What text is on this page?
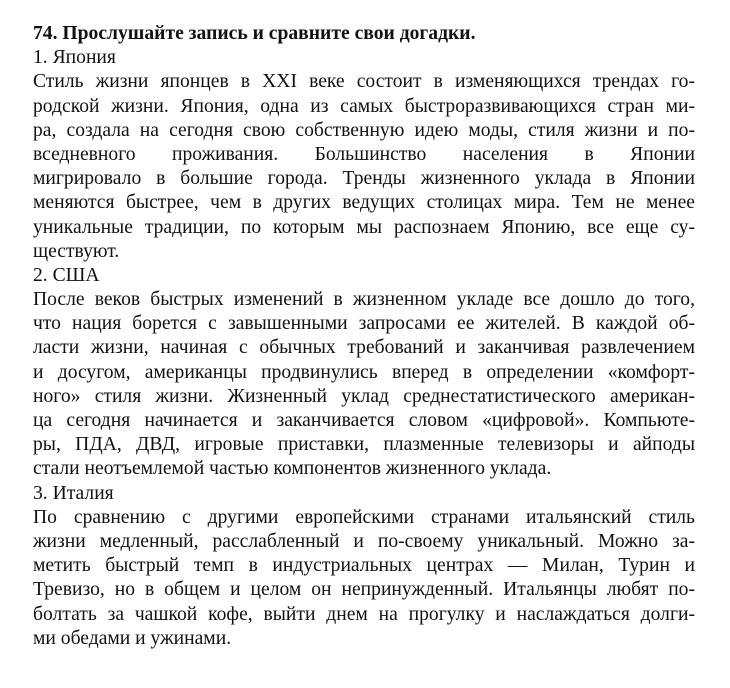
74. Прослушайте запись и сравните свои догадки.
1. Япония
Стиль жизни японцев в XXI веке состоит в изменяющихся трендах го-
родской жизни. Япония, одна из самых быстроразвивающихся стран ми-
ра, создала на сегодня свою собственную идею моды, стиля жизни и по-
вседневного проживания. Большинство населения в Японии
мигрировало в большие города. Тренды жизненного уклада в Японии
меняются быстрее, чем в других ведущих столицах мира. Тем не менее
уникальные традиции, по которым мы распознаем Японию, все еще су-
ществуют.
2. США
После веков быстрых изменений в жизненном укладе все дошло до того,
что нация борется с завышенными запросами ее жителей. В каждой об-
ласти жизни, начиная с обычных требований и заканчивая развлечением
и досугом, американцы продвинулись вперед в определении «комфорт-
ного» стиля жизни. Жизненный уклад среднестатистического американ-
ца сегодня начинается и заканчивается словом «цифровой». Компьюте-
ры, ПДА, ДВД, игровые приставки, плазменные телевизоры и айподы
стали неотъемлемой частью компонентов жизненного уклада.
3. Италия
По сравнению с другими европейскими странами итальянский стиль
жизни медленный, расслабленный и по-своему уникальный. Можно за-
метить быстрый темп в индустриальных центрах — Милан, Турин и
Тревизо, но в общем и целом он непринужденный. Итальянцы любят по-
болтать за чашкой кофе, выйти днем на прогулку и наслаждаться долги-
ми обедами и ужинами.
